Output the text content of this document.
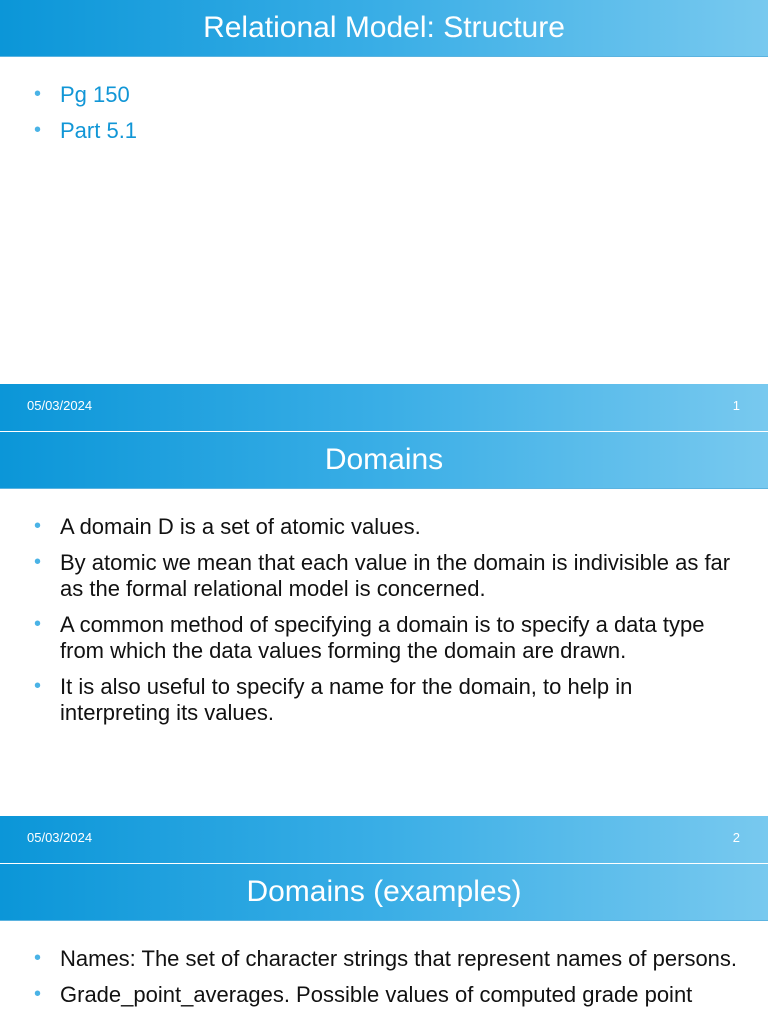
Relational Model: Structure
• Pg 150
• Part 5.1
05/03/2024	1
Domains
• A domain D is a set of atomic values.
• By atomic we mean that each value in the domain is indivisible as far as the formal relational model is concerned.
• A common method of specifying a domain is to specify a data type from which the data values forming the domain are drawn.
• It is also useful to specify a name for the domain, to help in interpreting its values.
05/03/2024	2
Domains (examples)
• Names: The set of character strings that represent names of persons.
• Grade_point_averages. Possible values of computed grade point
